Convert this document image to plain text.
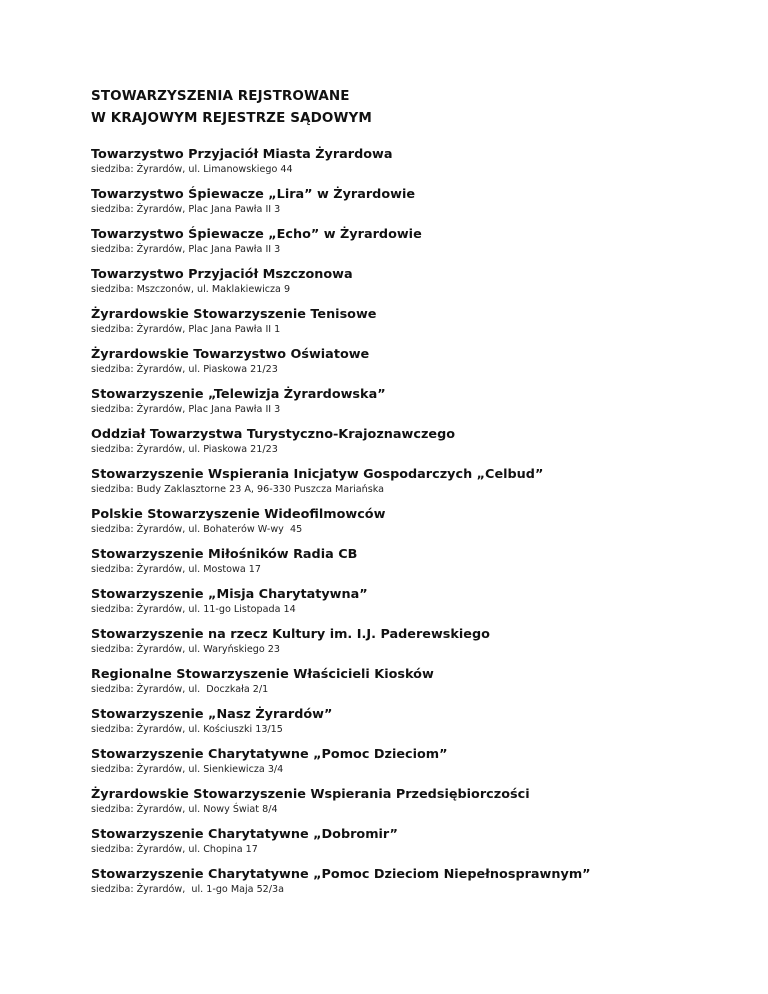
STOWARZYSZENIA REJSTROWANE
W KRAJOWYM REJESTRZE SĄDOWYM
Towarzystwo Przyjaciół Miasta Żyrardowa
siedziba: Żyrardów, ul. Limanowskiego 44
Towarzystwo Śpiewacze „Lira” w Żyrardowie
siedziba: Żyrardów, Plac Jana Pawła II 3
Towarzystwo Śpiewacze „Echo” w Żyrardowie
siedziba: Żyrardów, Plac Jana Pawła II 3
Towarzystwo Przyjaciół Mszczonowa
siedziba: Mszczonów, ul. Maklakiewicza 9
Żyrardowskie Stowarzyszenie Tenisowe
siedziba: Żyrardów, Plac Jana Pawła II 1
Żyrardowskie Towarzystwo Oświatowe
siedziba: Żyrardów, ul. Piaskowa 21/23
Stowarzyszenie „Telewizja Żyrardowska”
siedziba: Żyrardów, Plac Jana Pawła II 3
Oddział Towarzystwa Turystyczno-Krajoznawczego
siedziba: Żyrardów, ul. Piaskowa 21/23
Stowarzyszenie Wspierania Inicjatyw Gospodarczych „Celbud”
siedziba: Budy Zaklasztorne 23 A, 96-330 Puszcza Mariańska
Polskie Stowarzyszenie Wideofilmowców
siedziba: Żyrardów, ul. Bohaterów W-wy  45
Stowarzyszenie Miłośników Radia CB
siedziba: Żyrardów, ul. Mostowa 17
Stowarzyszenie „Misja Charytatywna”
siedziba: Żyrardów, ul. 11-go Listopada 14
Stowarzyszenie na rzecz Kultury im. I.J. Paderewskiego
siedziba: Żyrardów, ul. Waryńskiego 23
Regionalne Stowarzyszenie Właścicieli Kiosków
siedziba: Żyrardów, ul.  Doczkała 2/1
Stowarzyszenie „Nasz Żyrardów”
siedziba: Żyrardów, ul. Kościuszki 13/15
Stowarzyszenie Charytatywne „Pomoc Dzieciom”
siedziba: Żyrardów, ul. Sienkiewicza 3/4
Żyrardowskie Stowarzyszenie Wspierania Przedsiębiorczości
siedziba: Żyrardów, ul. Nowy Świat 8/4
Stowarzyszenie Charytatywne „Dobromir”
siedziba: Żyrardów, ul. Chopina 17
Stowarzyszenie Charytatywne „Pomoc Dzieciom Niepełnosprawnym”
siedziba: Żyrardów,  ul. 1-go Maja 52/3a
